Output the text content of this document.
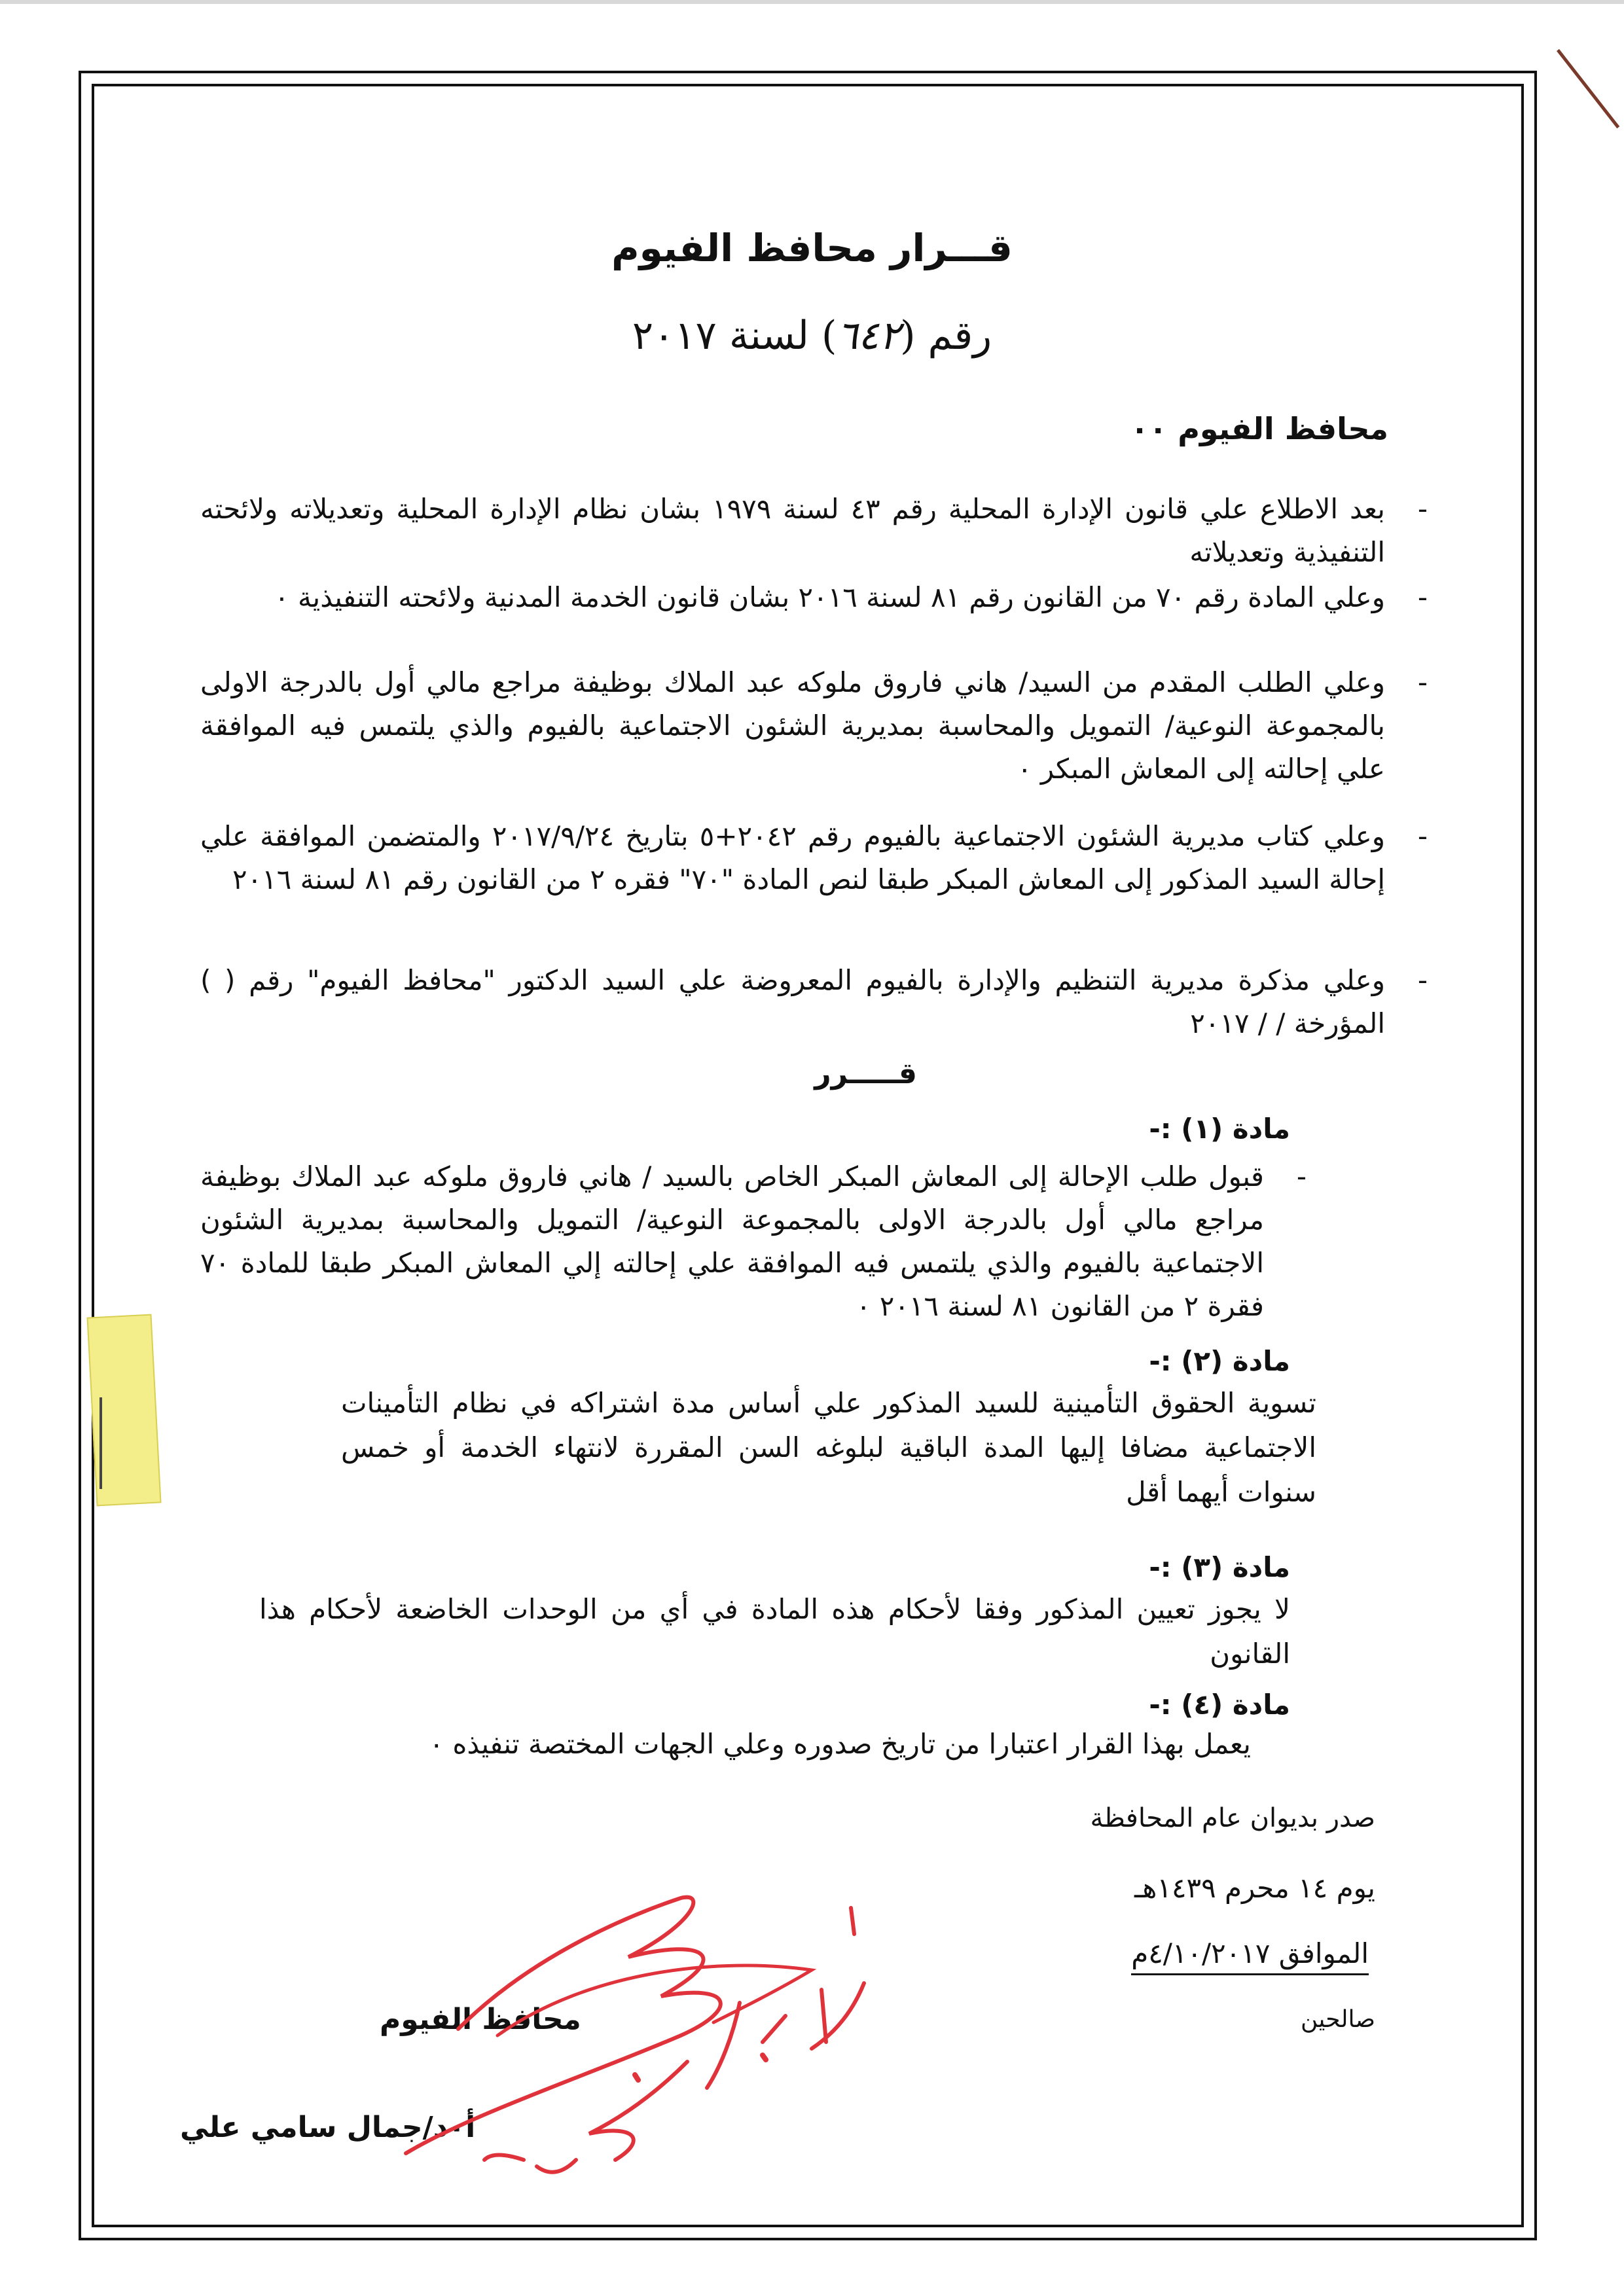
قـــرار محافظ الفيوم
رقم (٦٤٢) لسنة ٢٠١٧
محافظ الفيوم ٠٠
-
بعد الاطلاع علي قانون الإدارة المحلية رقم ٤٣ لسنة ١٩٧٩ بشان نظام الإدارة المحلية وتعديلاته ولائحته التنفيذية وتعديلاته
-
وعلي المادة رقم ٧٠ من القانون رقم ٨١ لسنة ٢٠١٦ بشان قانون الخدمة المدنية ولائحته التنفيذية ٠
-
وعلي الطلب المقدم من السيد/ هاني فاروق ملوكه عبد الملاك بوظيفة مراجع مالي أول بالدرجة الاولى بالمجموعة النوعية/ التمويل والمحاسبة بمديرية الشئون الاجتماعية بالفيوم والذي يلتمس فيه الموافقة علي إحالته إلى المعاش المبكر ٠
-
وعلي كتاب مديرية الشئون الاجتماعية بالفيوم رقم ٢٠٤٢+٥ بتاريخ ٢٠١٧/٩/٢٤ والمتضمن الموافقة علي إحالة السيد المذكور إلى المعاش المبكر طبقا لنص المادة "٧٠" فقره ٢ من القانون رقم ٨١ لسنة ٢٠١٦
-
وعلي مذكرة مديرية التنظيم والإدارة بالفيوم المعروضة علي السيد الدكتور "محافظ الفيوم" رقم ( ) المؤرخة / / ٢٠١٧
قـــــرر
مادة (١) :-
-
قبول طلب الإحالة إلى المعاش المبكر الخاص بالسيد / هاني فاروق ملوكه عبد الملاك بوظيفة مراجع مالي أول بالدرجة الاولى بالمجموعة النوعية/ التمويل والمحاسبة بمديرية الشئون الاجتماعية بالفيوم والذي يلتمس فيه الموافقة علي إحالته إلي المعاش المبكر طبقا للمادة ٧٠ فقرة ٢ من القانون ٨١ لسنة ٢٠١٦ ٠
مادة (٢) :-
تسوية الحقوق التأمينية للسيد المذكور علي أساس مدة اشتراكه في نظام التأمينات الاجتماعية مضافا إليها المدة الباقية لبلوغه السن المقررة لانتهاء الخدمة أو خمس سنوات أيهما أقل
مادة (٣) :-
لا يجوز تعيين المذكور وفقا لأحكام هذه المادة في أي من الوحدات الخاضعة لأحكام هذا القانون
مادة (٤) :-
يعمل بهذا القرار اعتبارا من تاريخ صدوره وعلي الجهات المختصة تنفيذه ٠
صدر بديوان عام المحافظة
يوم ١٤ محرم ١٤٣٩هـ
الموافق ٤/١٠/٢٠١٧م
صالحين
محافظ الفيوم
أ٠د/جمال سامي علي
